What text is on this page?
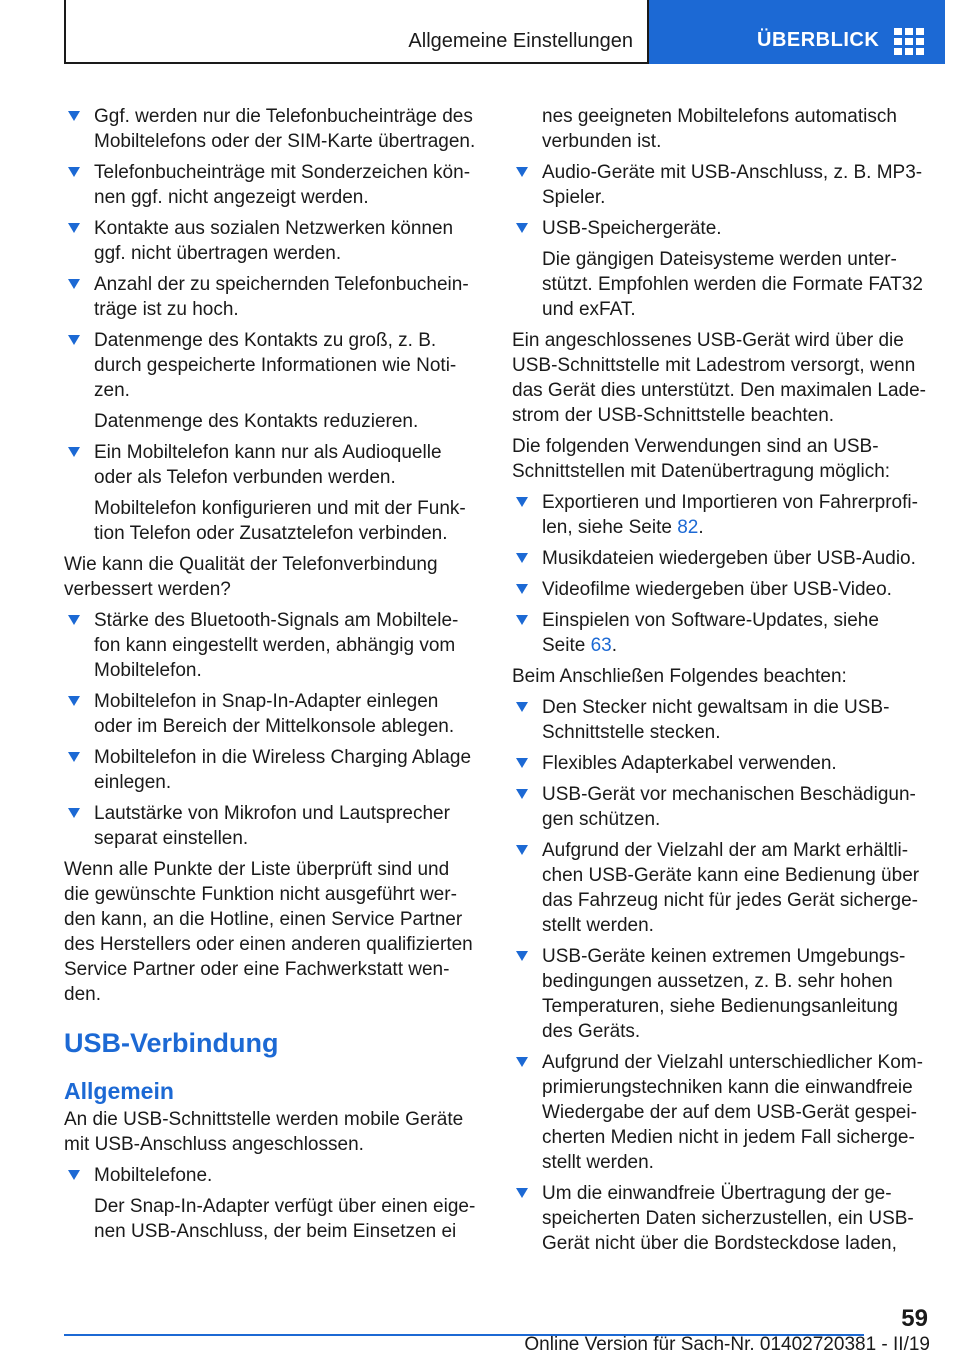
Allgemeine Einstellungen	ÜBERBLICK
Ggf. werden nur die Telefonbucheinträge des Mobiltelefons oder der SIM-Karte übertragen.
Telefonbucheinträge mit Sonderzeichen können ggf. nicht angezeigt werden.
Kontakte aus sozialen Netzwerken können ggf. nicht übertragen werden.
Anzahl der zu speichernden Telefonbucheinträge ist zu hoch.
Datenmenge des Kontakts zu groß, z. B. durch gespeicherte Informationen wie Notizen.
Datenmenge des Kontakts reduzieren.
Ein Mobiltelefon kann nur als Audioquelle oder als Telefon verbunden werden.
Mobiltelefon konfigurieren und mit der Funktion Telefon oder Zusatztelefon verbinden.
Wie kann die Qualität der Telefonverbindung verbessert werden?
Stärke des Bluetooth-Signals am Mobiltelefon kann eingestellt werden, abhängig vom Mobiltelefon.
Mobiltelefon in Snap-In-Adapter einlegen oder im Bereich der Mittelkonsole ablegen.
Mobiltelefon in die Wireless Charging Ablage einlegen.
Lautstärke von Mikrofon und Lautsprecher separat einstellen.
Wenn alle Punkte der Liste überprüft sind und die gewünschte Funktion nicht ausgeführt werden kann, an die Hotline, einen Service Partner des Herstellers oder einen anderen qualifizierten Service Partner oder eine Fachwerkstatt wenden.
USB-Verbindung
Allgemein
An die USB-Schnittstelle werden mobile Geräte mit USB-Anschluss angeschlossen.
Mobiltelefone.
Der Snap-In-Adapter verfügt über einen eigenen USB-Anschluss, der beim Einsetzen ei
nes geeigneten Mobiltelefons automatisch verbunden ist.
Audio-Geräte mit USB-Anschluss, z. B. MP3-Spieler.
USB-Speichergeräte.
Die gängigen Dateisysteme werden unterstützt. Empfohlen werden die Formate FAT32 und exFAT.
Ein angeschlossenes USB-Gerät wird über die USB-Schnittstelle mit Ladestrom versorgt, wenn das Gerät dies unterstützt. Den maximalen Ladestrom der USB-Schnittstelle beachten.
Die folgenden Verwendungen sind an USB-Schnittstellen mit Datenübertragung möglich:
Exportieren und Importieren von Fahrerprofilen, siehe Seite 82.
Musikdateien wiedergeben über USB-Audio.
Videofilme wiedergeben über USB-Video.
Einspielen von Software-Updates, siehe Seite 63.
Beim Anschließen Folgendes beachten:
Den Stecker nicht gewaltsam in die USB-Schnittstelle stecken.
Flexibles Adapterkabel verwenden.
USB-Gerät vor mechanischen Beschädigungen schützen.
Aufgrund der Vielzahl der am Markt erhältlichen USB-Geräte kann eine Bedienung über das Fahrzeug nicht für jedes Gerät sichergestellt werden.
USB-Geräte keinen extremen Umgebungsbedingungen aussetzen, z. B. sehr hohen Temperaturen, siehe Bedienungsanleitung des Geräts.
Aufgrund der Vielzahl unterschiedlicher Komprimierungstechniken kann die einwandfreie Wiedergabe der auf dem USB-Gerät gespeicherten Medien nicht in jedem Fall sichergestellt werden.
Um die einwandfreie Übertragung der gespeicherten Daten sicherzustellen, ein USB-Gerät nicht über die Bordsteckdose laden,
59
Online Version für Sach-Nr. 01402720381 - II/19
